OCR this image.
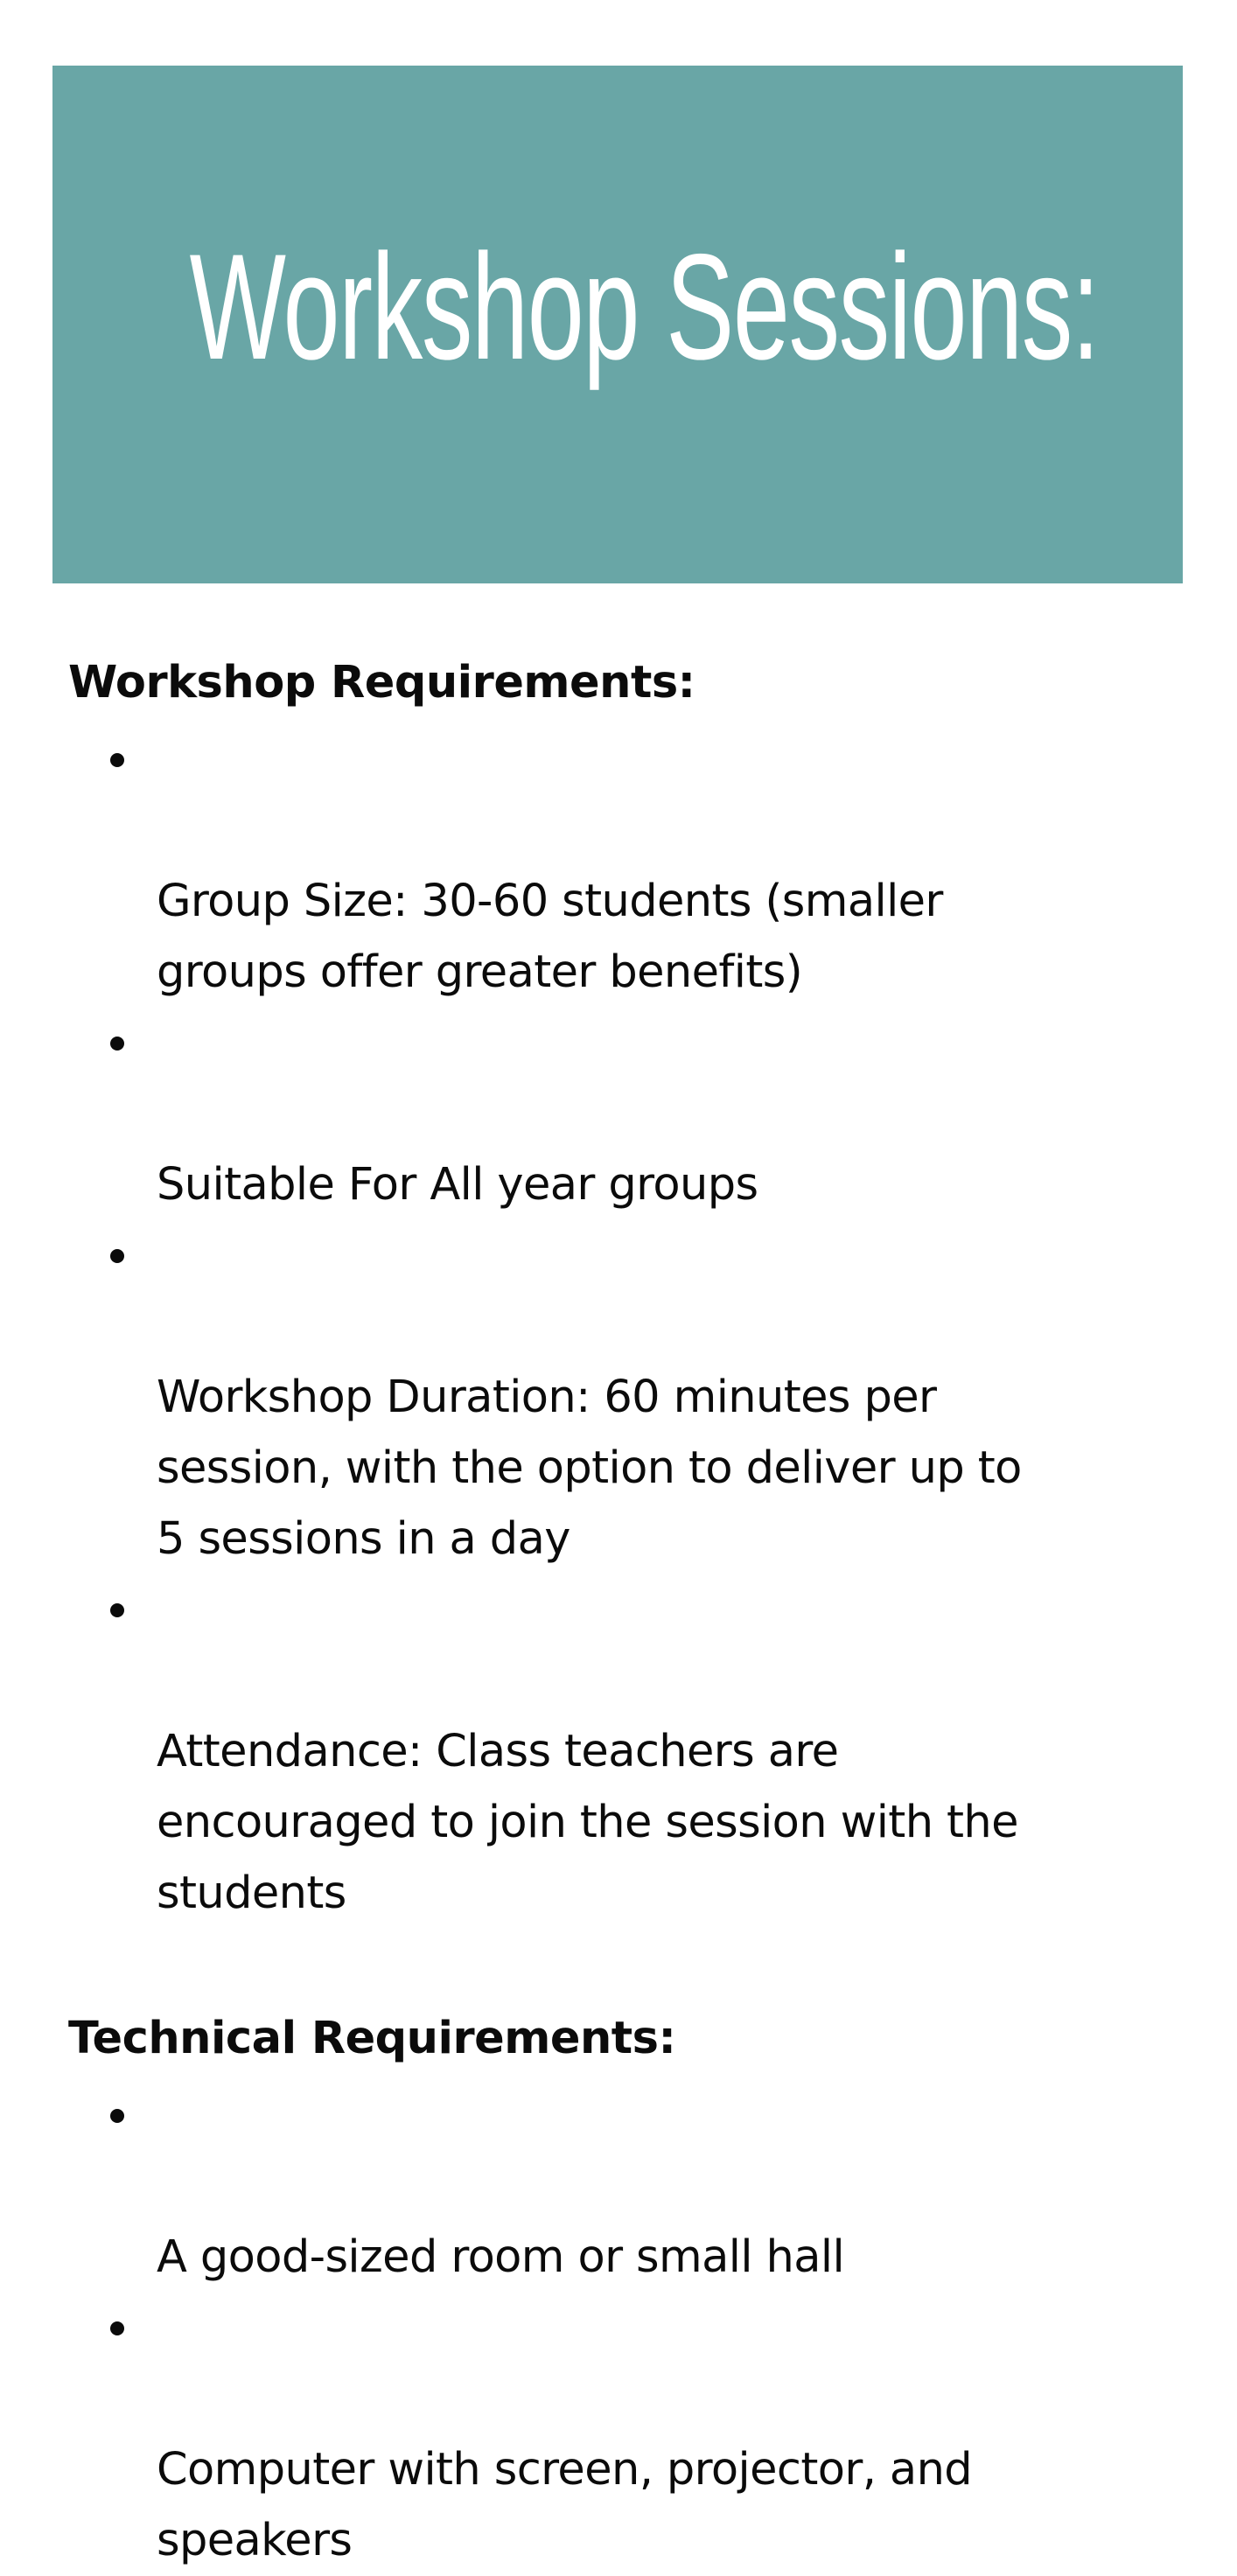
Workshop Sessions:
Workshop Requirements:

Group Size: 30-60 students (smaller
groups offer greater benefits)

Suitable For All year groups

Workshop Duration: 60 minutes per
session, with the option to deliver up to
5 sessions in a day

Attendance: Class teachers are
encouraged to join the session with the
students

Technical Requirements:

A good-sized room or small hall

Computer with screen, projector, and
speakers
